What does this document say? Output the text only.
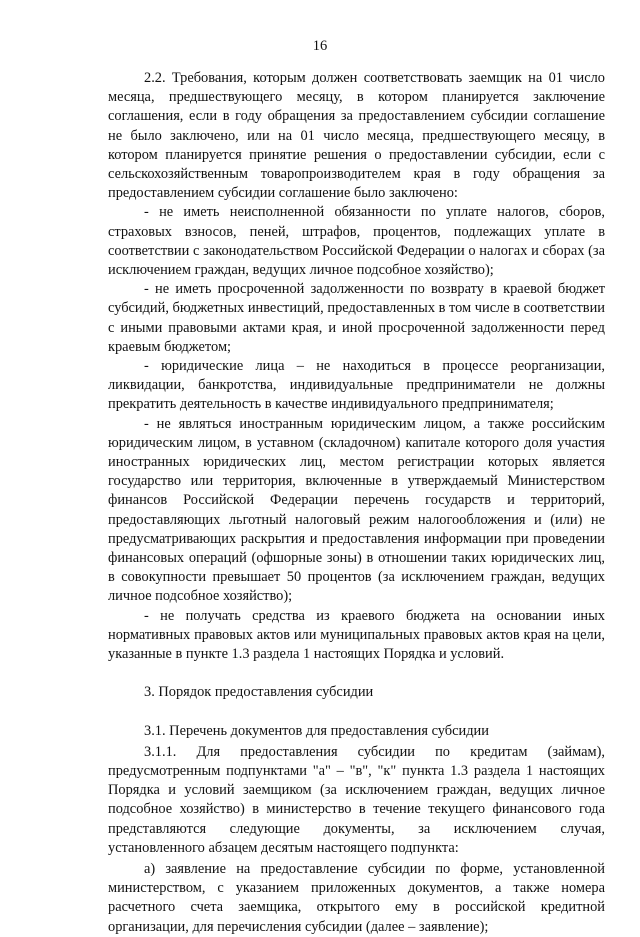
16

2.2. Требования, которым должен соответствовать заемщик на 01 число месяца, предшествующего месяцу, в котором планируется заключение соглашения, если в году обращения за предоставлением субсидии соглашение не было заключено, или на 01 число месяца, предшествующего месяцу, в котором планируется принятие решения о предоставлении субсидии, если с сельскохозяйственным товаропроизводителем края в году обращения за предоставлением субсидии соглашение было заключено:

- не иметь неисполненной обязанности по уплате налогов, сборов, страховых взносов, пеней, штрафов, процентов, подлежащих уплате в соответствии с законодательством Российской Федерации о налогах и сборах (за исключением граждан, ведущих личное подсобное хозяйство);

- не иметь просроченной задолженности по возврату в краевой бюджет субсидий, бюджетных инвестиций, предоставленных в том числе в соответствии с иными правовыми актами края, и иной просроченной задолженности перед краевым бюджетом;

- юридические лица – не находиться в процессе реорганизации, ликвидации, банкротства, индивидуальные предприниматели не должны прекратить деятельность в качестве индивидуального предпринимателя;

- не являться иностранным юридическим лицом, а также российским юридическим лицом, в уставном (складочном) капитале которого доля участия иностранных юридических лиц, местом регистрации которых является государство или территория, включенные в утверждаемый Министерством финансов Российской Федерации перечень государств и территорий, предоставляющих льготный налоговый режим налогообложения и (или) не предусматривающих раскрытия и предоставления информации при проведении финансовых операций (офшорные зоны) в отношении таких юридических лиц, в совокупности превышает 50 процентов (за исключением граждан, ведущих личное подсобное хозяйство);

- не получать средства из краевого бюджета на основании иных нормативных правовых актов или муниципальных правовых актов края на цели, указанные в пункте 1.3 раздела 1 настоящих Порядка и условий.

3. Порядок предоставления субсидии

3.1. Перечень документов для предоставления субсидии

3.1.1. Для предоставления субсидии по кредитам (займам), предусмотренным подпунктами "а" – "в", "к" пункта 1.3 раздела 1 настоящих Порядка и условий заемщиком (за исключением граждан, ведущих личное подсобное хозяйство) в министерство в течение текущего финансового года представляются следующие документы, за исключением случая, установленного абзацем десятым настоящего подпункта:

а) заявление на предоставление субсидии по форме, установленной министерством, с указанием приложенных документов, а также номера расчетного счета заемщика, открытого ему в российской кредитной организации, для перечисления субсидии (далее – заявление);
